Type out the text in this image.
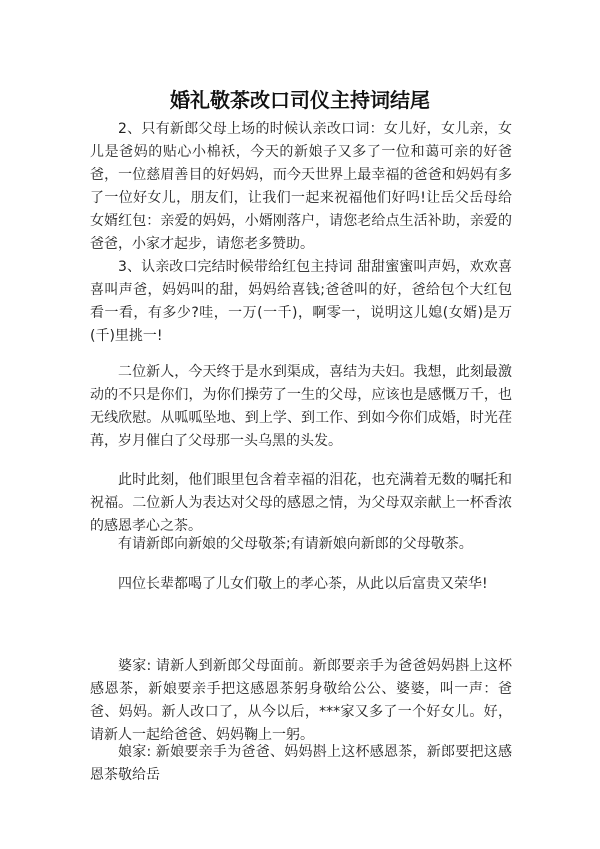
婚礼敬茶改口司仪主持词结尾

2、只有新郎父母上场的时候认亲改口词：女儿好，女儿亲，女儿是爸妈的贴心小棉袄，今天的新娘子又多了一位和蔼可亲的好爸爸，一位慈眉善目的好妈妈，而今天世界上最幸福的爸爸和妈妈有多了一位好女儿，朋友们，让我们一起来祝福他们好吗!让岳父岳母给女婿红包：亲爱的妈妈，小婿刚落户，请您老给点生活补助，亲爱的爸爸，小家才起步，请您老多赞助。

3、认亲改口完结时候带给红包主持词 甜甜蜜蜜叫声妈，欢欢喜喜叫声爸，妈妈叫的甜，妈妈给喜钱;爸爸叫的好，爸给包个大红包看一看，有多少?哇，一万(一千)，啊零一，说明这儿媳(女婿)是万(千)里挑一!

二位新人，今天终于是水到渠成，喜结为夫妇。我想，此刻最激动的不只是你们，为你们操劳了一生的父母，应该也是感慨万千，也无线欣慰。从呱呱坠地、到上学、到工作、到如今你们成婚，时光荏苒，岁月催白了父母那一头乌黑的头发。

此时此刻，他们眼里包含着幸福的泪花，也充满着无数的嘱托和祝福。二位新人为表达对父母的感恩之情，为父母双亲献上一杯香浓的感恩孝心之茶。

有请新郎向新娘的父母敬茶;有请新娘向新郎的父母敬茶。

四位长辈都喝了儿女们敬上的孝心茶，从此以后富贵又荣华!

婆家: 请新人到新郎父母面前。新郎要亲手为爸爸妈妈斟上这杯感恩茶，新娘要亲手把这感恩茶躬身敬给公公、婆婆，叫一声：爸爸、妈妈。新人改口了，从今以后，***家又多了一个好女儿。好，请新人一起给爸爸、妈妈鞠上一躬。

娘家: 新娘要亲手为爸爸、妈妈斟上这杯感恩茶，新郎要把这感恩茶敬给岳
